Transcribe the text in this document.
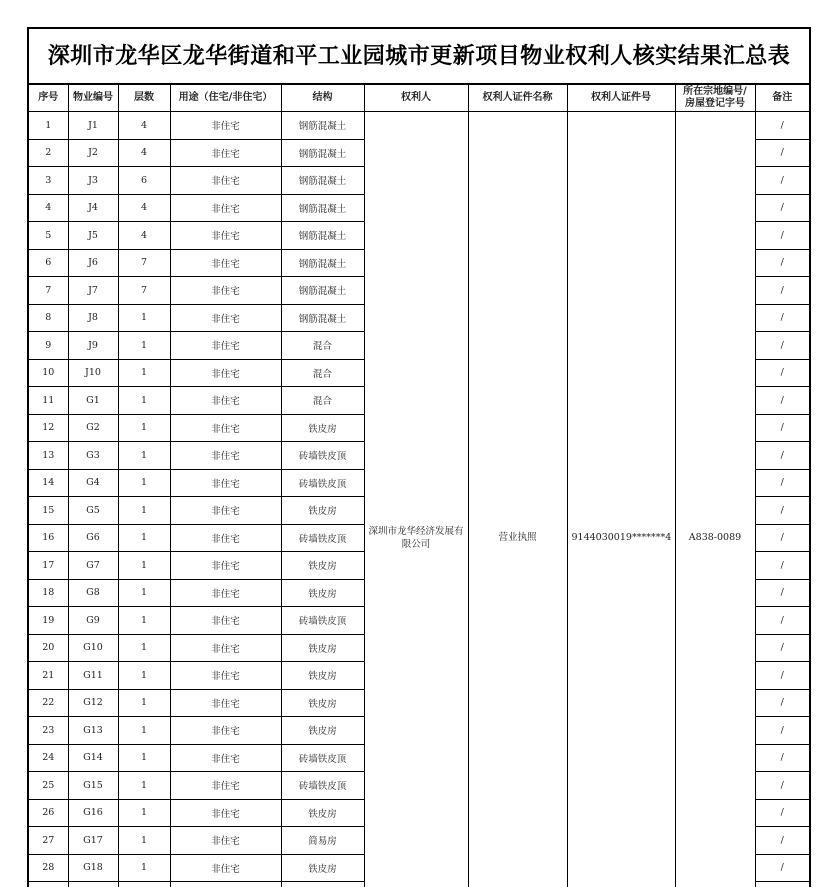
深圳市龙华区龙华街道和平工业园城市更新项目物业权利人核实结果汇总表
序号	物业编号	层数	用途（住宅/非住宅）	结构	权利人	权利人证件名称	权利人证件号	所在宗地编号/
房屋登记字号	备注
1	J1	4	非住宅	钢筋混凝土	深圳市龙华经济发展有限公司	营业执照	9144030019*******4	A838-0089	/
2	J2	4	非住宅	钢筋混凝土					/
3	J3	6	非住宅	钢筋混凝土					/
4	J4	4	非住宅	钢筋混凝土					/
5	J5	4	非住宅	钢筋混凝土					/
6	J6	7	非住宅	钢筋混凝土					/
7	J7	7	非住宅	钢筋混凝土					/
8	J8	1	非住宅	钢筋混凝土					/
9	J9	1	非住宅	混合					/
10	J10	1	非住宅	混合					/
11	G1	1	非住宅	混合					/
12	G2	1	非住宅	铁皮房					/
13	G3	1	非住宅	砖墙铁皮顶					/
14	G4	1	非住宅	砖墙铁皮顶					/
15	G5	1	非住宅	铁皮房					/
16	G6	1	非住宅	砖墙铁皮顶					/
17	G7	1	非住宅	铁皮房					/
18	G8	1	非住宅	铁皮房					/
19	G9	1	非住宅	砖墙铁皮顶					/
20	G10	1	非住宅	铁皮房					/
21	G11	1	非住宅	铁皮房					/
22	G12	1	非住宅	铁皮房					/
23	G13	1	非住宅	铁皮房					/
24	G14	1	非住宅	砖墙铁皮顶					/
25	G15	1	非住宅	砖墙铁皮顶					/
26	G16	1	非住宅	铁皮房					/
27	G17	1	非住宅	简易房					/
28	G18	1	非住宅	铁皮房					/
